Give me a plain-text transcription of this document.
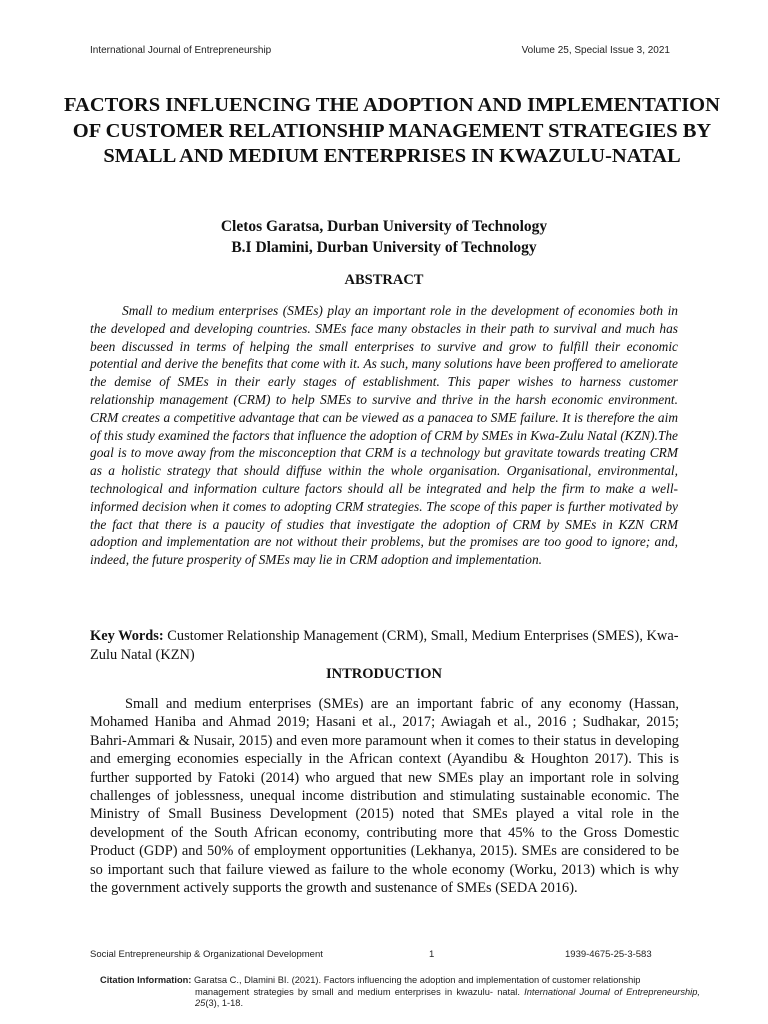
International Journal of Entrepreneurship	Volume 25, Special Issue 3, 2021
FACTORS INFLUENCING THE ADOPTION AND IMPLEMENTATION OF CUSTOMER RELATIONSHIP MANAGEMENT STRATEGIES BY SMALL AND MEDIUM ENTERPRISES IN KWAZULU-NATAL
Cletos Garatsa, Durban University of Technology
B.I Dlamini, Durban University of Technology
ABSTRACT

Small to medium enterprises (SMEs) play an important role in the development of economies both in the developed and developing countries. SMEs face many obstacles in their path to survival and much has been discussed in terms of helping the small enterprises to survive and grow to fulfill their economic potential and derive the benefits that come with it. As such, many solutions have been proffered to ameliorate the demise of SMEs in their early stages of establishment. This paper wishes to harness customer relationship management (CRM) to help SMEs to survive and thrive in the harsh economic environment. CRM creates a competitive advantage that can be viewed as a panacea to SME failure. It is therefore the aim of this study examined the factors that influence the adoption of CRM by SMEs in Kwa-Zulu Natal (KZN).The goal is to move away from the misconception that CRM is a technology but gravitate towards treating CRM as a holistic strategy that should diffuse within the whole organisation. Organisational, environmental, technological and information culture factors should all be integrated and help the firm to make a well-informed decision when it comes to adopting CRM strategies. The scope of this paper is further motivated by the fact that there is a paucity of studies that investigate the adoption of CRM by SMEs in KZN CRM adoption and implementation are not without their problems, but the promises are too good to ignore; and, indeed, the future prosperity of SMEs may lie in CRM adoption and implementation.

Key Words: Customer Relationship Management (CRM), Small, Medium Enterprises (SMES), Kwa-Zulu Natal (KZN)

INTRODUCTION

Small and medium enterprises (SMEs) are an important fabric of any economy (Hassan, Mohamed Haniba and Ahmad 2019; Hasani et al., 2017; Awiagah et al., 2016 ; Sudhakar, 2015; Bahri-Ammari & Nusair, 2015) and even more paramount when it comes to their status in developing and emerging economies especially in the African context (Ayandibu & Houghton 2017). This is further supported by Fatoki (2014) who argued that new SMEs play an important role in solving challenges of joblessness, unequal income distribution and stimulating sustainable economic. The Ministry of Small Business Development (2015) noted that SMEs played a vital role in the development of the South African economy, contributing more that 45% to the Gross Domestic Product (GDP) and 50% of employment opportunities (Lekhanya, 2015). SMEs are considered to be so important such that failure viewed as failure to the whole economy (Worku, 2013) which is why the government actively supports the growth and sustenance of SMEs (SEDA 2016).

Social Entrepreneurship & Organizational Development	1	1939-4675-25-3-583
Citation Information: Garatsa C., Dlamini BI. (2021). Factors influencing the adoption and implementation of customer relationship
management strategies by small and medium enterprises in kwazulu- natal. International Journal of Entrepreneurship, 25(3), 1-18.
